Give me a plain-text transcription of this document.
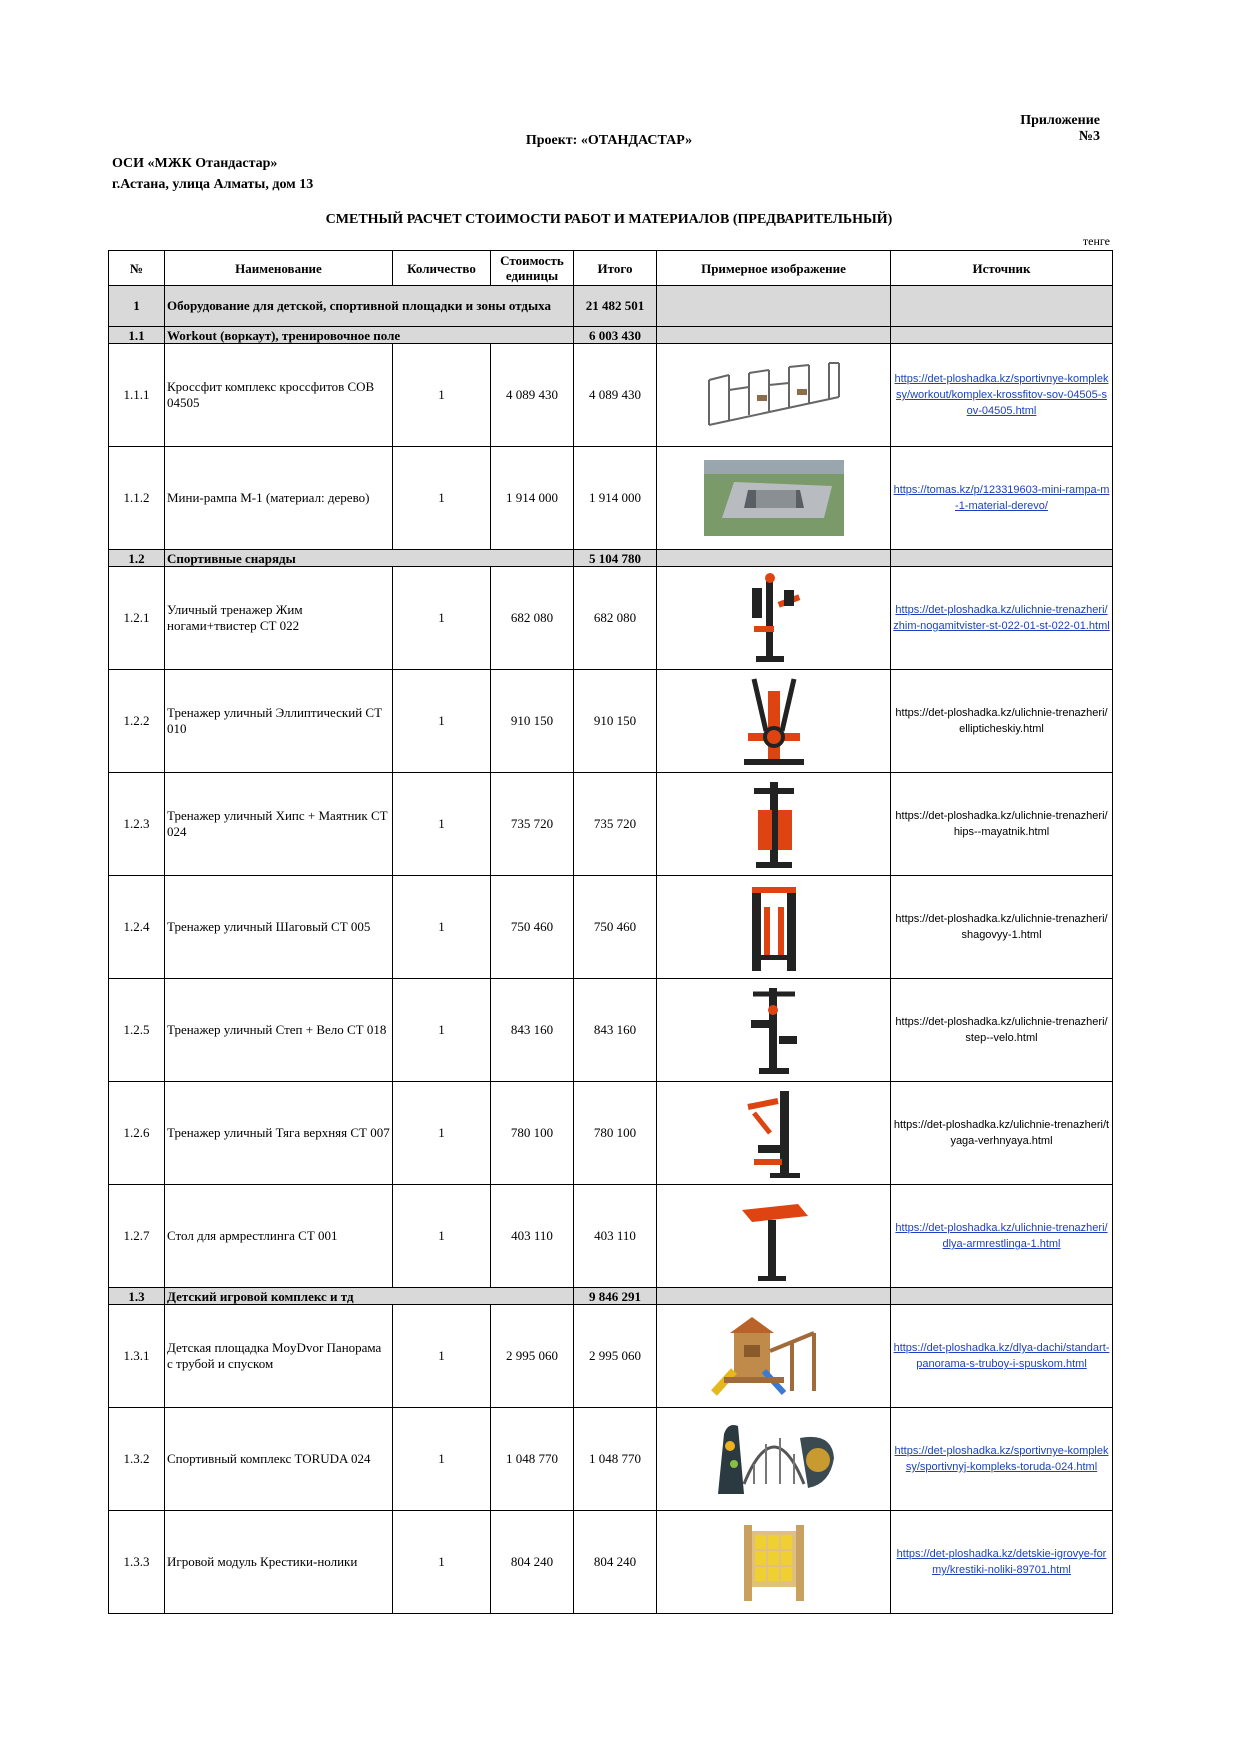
Приложение №3
Проект: «ОТАНДАСТАР»
ОСИ «МЖК Отандастар»
г.Астана, улица Алматы, дом 13
СМЕТНЫЙ РАСЧЕТ СТОИМОСТИ РАБОТ И МАТЕРИАЛОВ (ПРЕДВАРИТЕЛЬНЫЙ)
тенге
№	Наименование	Количество	Стоимость единицы	Итого	Примерное изображение	Источник
1	Оборудование для детской, спортивной площадки и зоны отдыха			21 482 501		
1.1	Workout (воркаут), тренировочное поле			6 003 430		
1.1.1	Кроссфит комплекс кроссфитов СОВ 04505	1	4 089 430	4 089 430		https://det-ploshadka.kz/sportivnye-kompleksy/workout/komplex-krossfitov-sov-04505-sov-04505.html
1.1.2	Мини-рампа М-1 (материал: дерево)	1	1 914 000	1 914 000		https://tomas.kz/p/123319603-mini-rampa-m-1-material-derevo/
1.2	Спортивные снаряды			5 104 780		
1.2.1	Уличный тренажер Жим ногами+твистер СТ 022	1	682 080	682 080		https://det-ploshadka.kz/ulichnie-trenazheri/zhim-nogamitvister-st-022-01-st-022-01.html
1.2.2	Тренажер уличный Эллиптический СТ 010	1	910 150	910 150		https://det-ploshadka.kz/ulichnie-trenazheri/ellipticheskiy.html
1.2.3	Тренажер уличный Хипс + Маятник СТ 024	1	735 720	735 720		https://det-ploshadka.kz/ulichnie-trenazheri/hips--mayatnik.html
1.2.4	Тренажер уличный Шаговый СТ 005	1	750 460	750 460		https://det-ploshadka.kz/ulichnie-trenazheri/shagovyy-1.html
1.2.5	Тренажер уличный Степ + Вело СТ 018	1	843 160	843 160		https://det-ploshadka.kz/ulichnie-trenazheri/step--velo.html
1.2.6	Тренажер уличный Тяга верхняя СТ 007	1	780 100	780 100		https://det-ploshadka.kz/ulichnie-trenazheri/tyaga-verhnyaya.html
1.2.7	Стол для армрестлинга СТ 001	1	403 110	403 110		https://det-ploshadka.kz/ulichnie-trenazheri/dlya-armrestlinga-1.html
1.3	Детский игровой комплекс и тд			9 846 291		
1.3.1	Детская площадка MoyDvor Панорама с трубой и спуском	1	2 995 060	2 995 060		https://det-ploshadka.kz/dlya-dachi/standart-panorama-s-truboy-i-spuskom.html
1.3.2	Спортивный комплекс TORUDA 024	1	1 048 770	1 048 770		https://det-ploshadka.kz/sportivnye-kompleksy/sportivnyj-kompleks-toruda-024.html
1.3.3	Игровой модуль Крестики-нолики	1	804 240	804 240		https://det-ploshadka.kz/detskie-igrovye-formy/krestiki-noliki-89701.html
